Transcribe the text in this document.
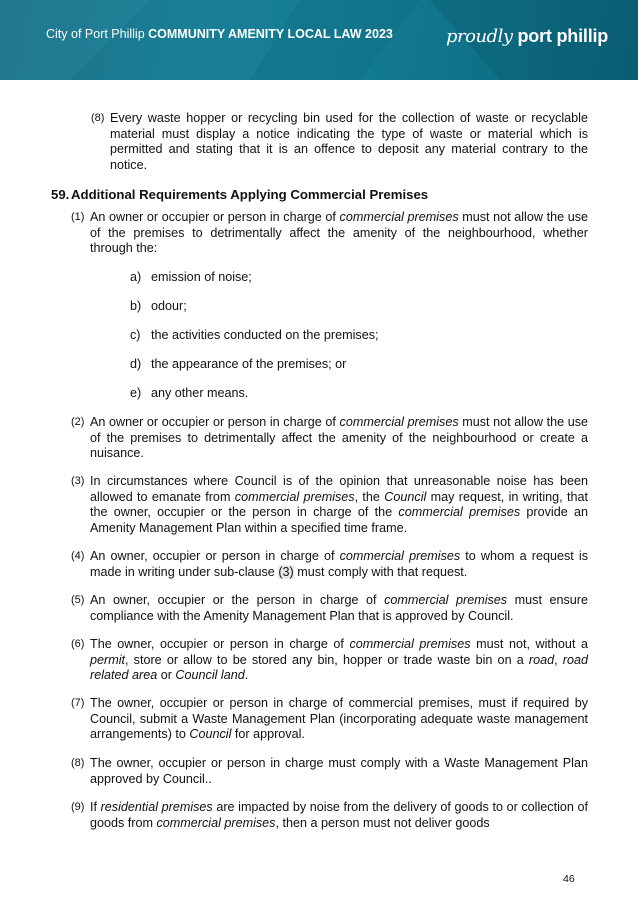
City of Port Phillip COMMUNITY AMENITY LOCAL LAW 2023	proudly port phillip
(8) Every waste hopper or recycling bin used for the collection of waste or recyclable material must display a notice indicating the type of waste or material which is permitted and stating that it is an offence to deposit any material contrary to the notice.
59. Additional Requirements Applying Commercial Premises
(1) An owner or occupier or person in charge of commercial premises must not allow the use of the premises to detrimentally affect the amenity of the neighbourhood, whether through the:
a) emission of noise;
b) odour;
c) the activities conducted on the premises;
d) the appearance of the premises; or
e) any other means.
(2) An owner or occupier or person in charge of commercial premises must not allow the use of the premises to detrimentally affect the amenity of the neighbourhood or create a nuisance.
(3) In circumstances where Council is of the opinion that unreasonable noise has been allowed to emanate from commercial premises, the Council may request, in writing, that the owner, occupier or the person in charge of the commercial premises provide an Amenity Management Plan within a specified time frame.
(4) An owner, occupier or person in charge of commercial premises to whom a request is made in writing under sub-clause (3) must comply with that request.
(5) An owner, occupier or the person in charge of commercial premises must ensure compliance with the Amenity Management Plan that is approved by Council.
(6) The owner, occupier or person in charge of commercial premises must not, without a permit, store or allow to be stored any bin, hopper or trade waste bin on a road, road related area or Council land.
(7) The owner, occupier or person in charge of commercial premises, must if required by Council, submit a Waste Management Plan (incorporating adequate waste management arrangements) to Council for approval.
(8) The owner, occupier or person in charge must comply with a Waste Management Plan approved by Council..
(9) If residential premises are impacted by noise from the delivery of goods to or collection of goods from commercial premises, then a person must not deliver goods
46
